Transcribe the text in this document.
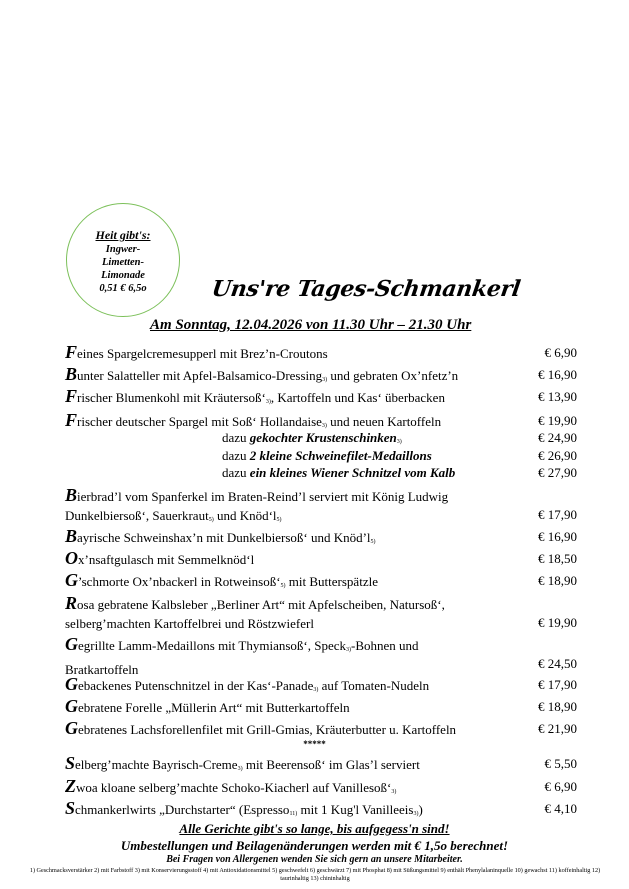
Heit gibt's:
Ingwer-
Limetten-
Limonade
0,51 € 6,5o	Uns're Tages-Schmankerl
Am Sonntag, 12.04.2026 von 11.30 Uhr – 21.30 Uhr
Feines Spargelcremesupperl mit Brez’n-Croutons	€ 6,90
Bunter Salatteller mit Apfel-Balsamico-Dressing$_{3)}$ und gebraten Ox’nfetz’n	€ 16,90
Frischer Blumenkohl mit $Kräutersoß‘_{3)}$, Kartoffeln und Kas‘ überbacken	€ 13,90
Frischer deutscher Spargel mit Soß‘ Hollandaise$_{3)}$ und neuen Kartoffeln	€ 19,90
dazu gekochter Krustenschinken$_{3)}$	€ 24,90
dazu 2 kleine Schweinefilet-Medaillons	€ 26,90
dazu ein kleines Wiener Schnitzel vom Kalb	€ 27,90
Bierbrad’l vom Spanferkel im Braten-Reind’l serviert mit König Ludwig
Dunkelbiersoß‘, Sauerkraut$_{5)}$ und $Knöd‘l_{5)}$	€ 17,90
Bayrische Schweinshax’n mit Dunkelbiersoß‘ und $Knöd’l_{5)}$	€ 16,90
Ox’nsaftgulasch mit Semmelknöd‘l	€ 18,50
G’schmorte Ox’nbackerl in $Rotweinsoß‘_{5)}$ mit Butterspätzle	€ 18,90
Rosa gebratene Kalbsleber „Berliner Art“ mit Apfelscheiben, Natursoß‘,
selberg’machten Kartoffelbrei und Röstzwieferl	€ 19,90
Gegrillte Lamm-Medaillons mit Thymiansoß‘, Speck$_{3)}$-Bohnen und
Bratkartoffeln	€ 24,50
Gebackenes Putenschnitzel in der Kas‘-Panade$_{3)}$ auf Tomaten-Nudeln	€ 17,90
Gebratene Forelle „Müllerin Art“ mit Butterkartoffeln	€ 18,90
Gebratenes Lachsforellenfilet mit Grill-Gmias, Kräuterbutter u. Kartoffeln	€ 21,90
*****
Selberg’machte Bayrisch-Creme$_{3)}$ mit Beerensoß‘ im Glas’l serviert	€ 5,50
Zwoa kloane selberg’machte Schoko-Kiacherl auf $Vanillesoß‘_{3)}$	€ 6,90
Schmankerlwirts „Durchstarter“ (Espresso$_{11)}$ mit 1 Kug'l Vanilleeis$_{3)}$)	€ 4,10
Alle Gerichte gibt's so lange, bis aufgegess'n sind!
Umbestellungen und Beilagenänderungen werden mit € 1,5o berechnet!
Bei Fragen von Allergenen wenden Sie sich gern an unsere Mitarbeiter.
1) Geschmacksverstärker 2) mit Farbstoff 3) mit Konservierungsstoff 4) mit Antioxidationsmittel 5) geschwefelt 6) geschwärzt 7) mit Phosphat 8) mit Süßungsmittel 9) enthält Phenylalaninquelle 10) gewachst 11) koffeinhaltig 12) taurinhaltig 13) chininhaltig
